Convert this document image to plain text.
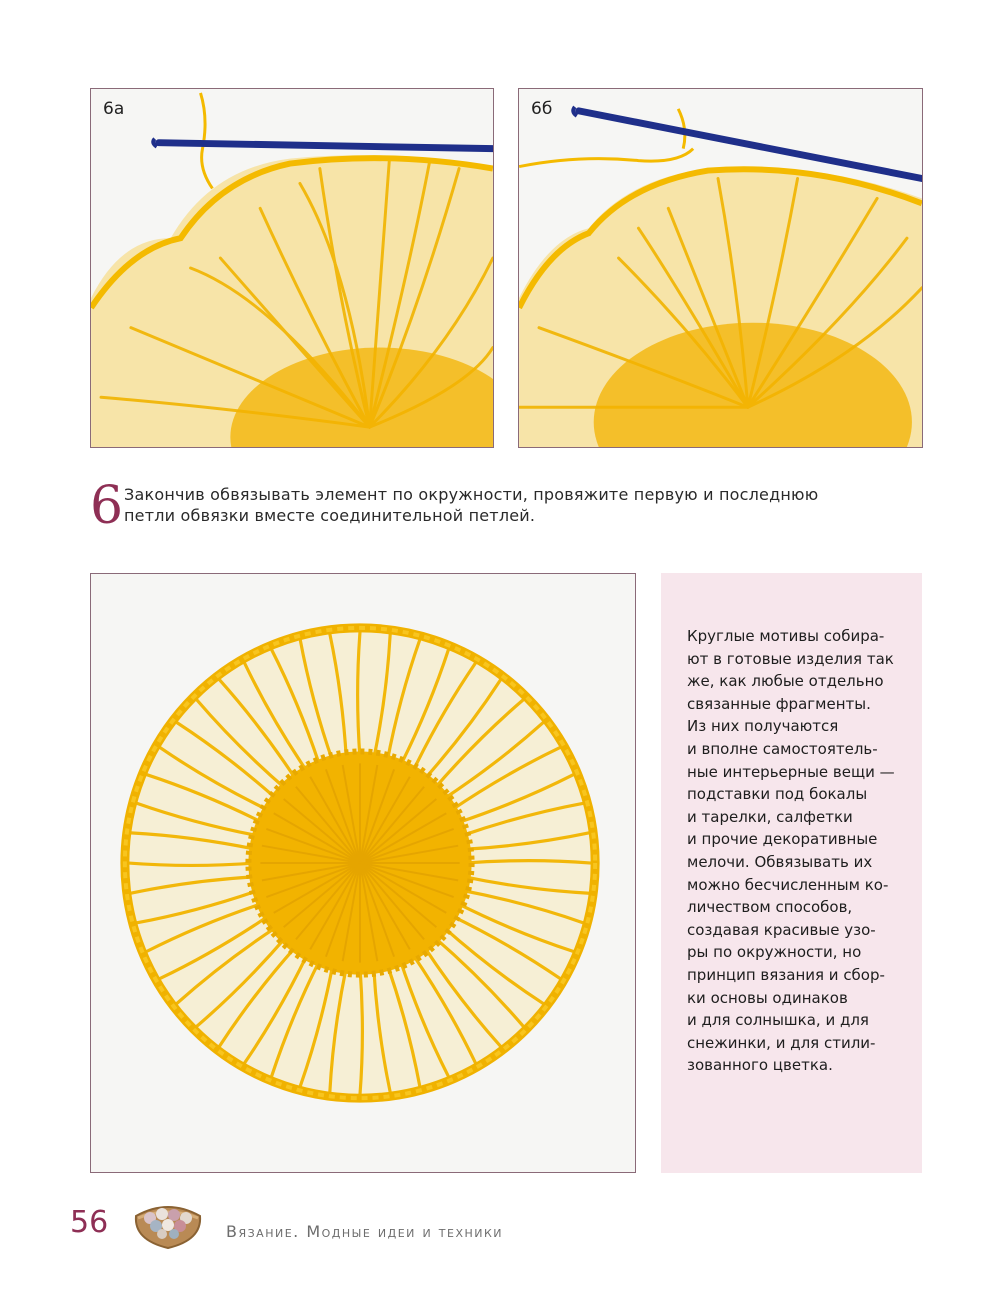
6а	6б
6 Закончив обвязывать элемент по окружности, провяжите первую и последнюю
петли обвязки вместе соединительной петлей.

Круглые мотивы собира-
ют в готовые изделия так
же, как любые отдельно
связанные фрагменты.
Из них получаются
и вполне самостоятель-
ные интерьерные вещи —
подставки под бокалы
и тарелки, салфетки
и прочие декоративные
мелочи. Обвязывать их
можно бесчисленным ко-
личеством способов,
создавая красивые узо-
ры по окружности, но
принцип вязания и сбор-
ки основы одинаков
и для солнышка, и для
снежинки, и для стили-
зованного цветка.

56	Вязание. Модные идеи и техники
